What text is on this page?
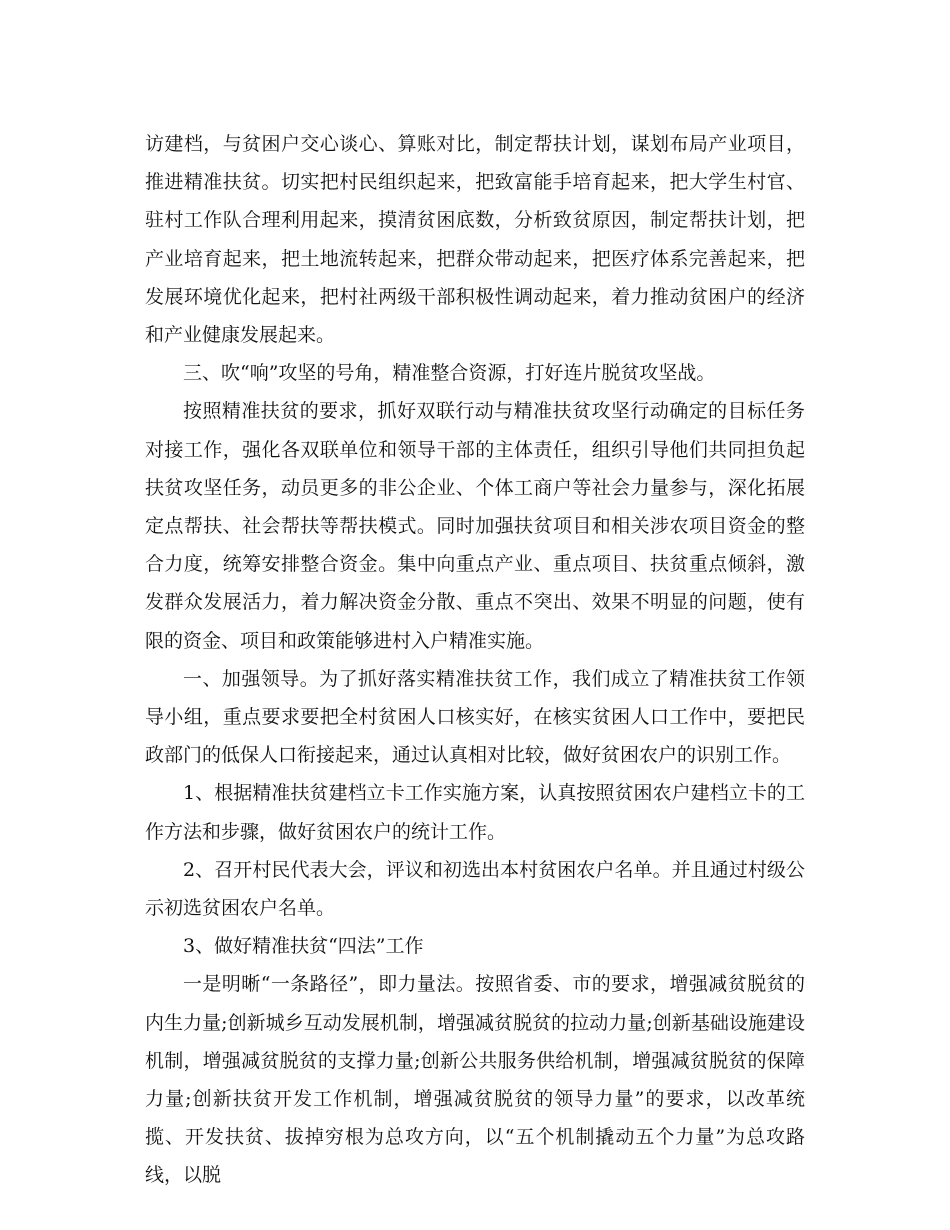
访建档，与贫困户交心谈心、算账对比，制定帮扶计划，谋划布局产业项目，推进精准扶贫。切实把村民组织起来，把致富能手培育起来，把大学生村官、驻村工作队合理利用起来，摸清贫困底数，分析致贫原因，制定帮扶计划，把产业培育起来，把土地流转起来，把群众带动起来，把医疗体系完善起来，把发展环境优化起来，把村社两级干部积极性调动起来，着力推动贫困户的经济和产业健康发展起来。

三、吹“响”攻坚的号角，精准整合资源，打好连片脱贫攻坚战。

按照精准扶贫的要求，抓好双联行动与精准扶贫攻坚行动确定的目标任务对接工作，强化各双联单位和领导干部的主体责任，组织引导他们共同担负起扶贫攻坚任务，动员更多的非公企业、个体工商户等社会力量参与，深化拓展定点帮扶、社会帮扶等帮扶模式。同时加强扶贫项目和相关涉农项目资金的整合力度，统筹安排整合资金。集中向重点产业、重点项目、扶贫重点倾斜，激发群众发展活力，着力解决资金分散、重点不突出、效果不明显的问题，使有限的资金、项目和政策能够进村入户精准实施。

一、加强领导。为了抓好落实精准扶贫工作，我们成立了精准扶贫工作领导小组，重点要求要把全村贫困人口核实好，在核实贫困人口工作中，要把民政部门的低保人口衔接起来，通过认真相对比较，做好贫困农户的识别工作。

1、根据精准扶贫建档立卡工作实施方案，认真按照贫困农户建档立卡的工作方法和步骤，做好贫困农户的统计工作。

2、召开村民代表大会，评议和初选出本村贫困农户名单。并且通过村级公示初选贫困农户名单。

3、做好精准扶贫“四法”工作

一是明晰“一条路径”，即力量法。按照省委、市的要求，增强减贫脱贫的内生力量;创新城乡互动发展机制，增强减贫脱贫的拉动力量;创新基础设施建设机制，增强减贫脱贫的支撑力量;创新公共服务供给机制，增强减贫脱贫的保障力量;创新扶贫开发工作机制，增强减贫脱贫的领导力量”的要求，以改革统揽、开发扶贫、拔掉穷根为总攻方向，以“五个机制撬动五个力量”为总攻路线，以脱
